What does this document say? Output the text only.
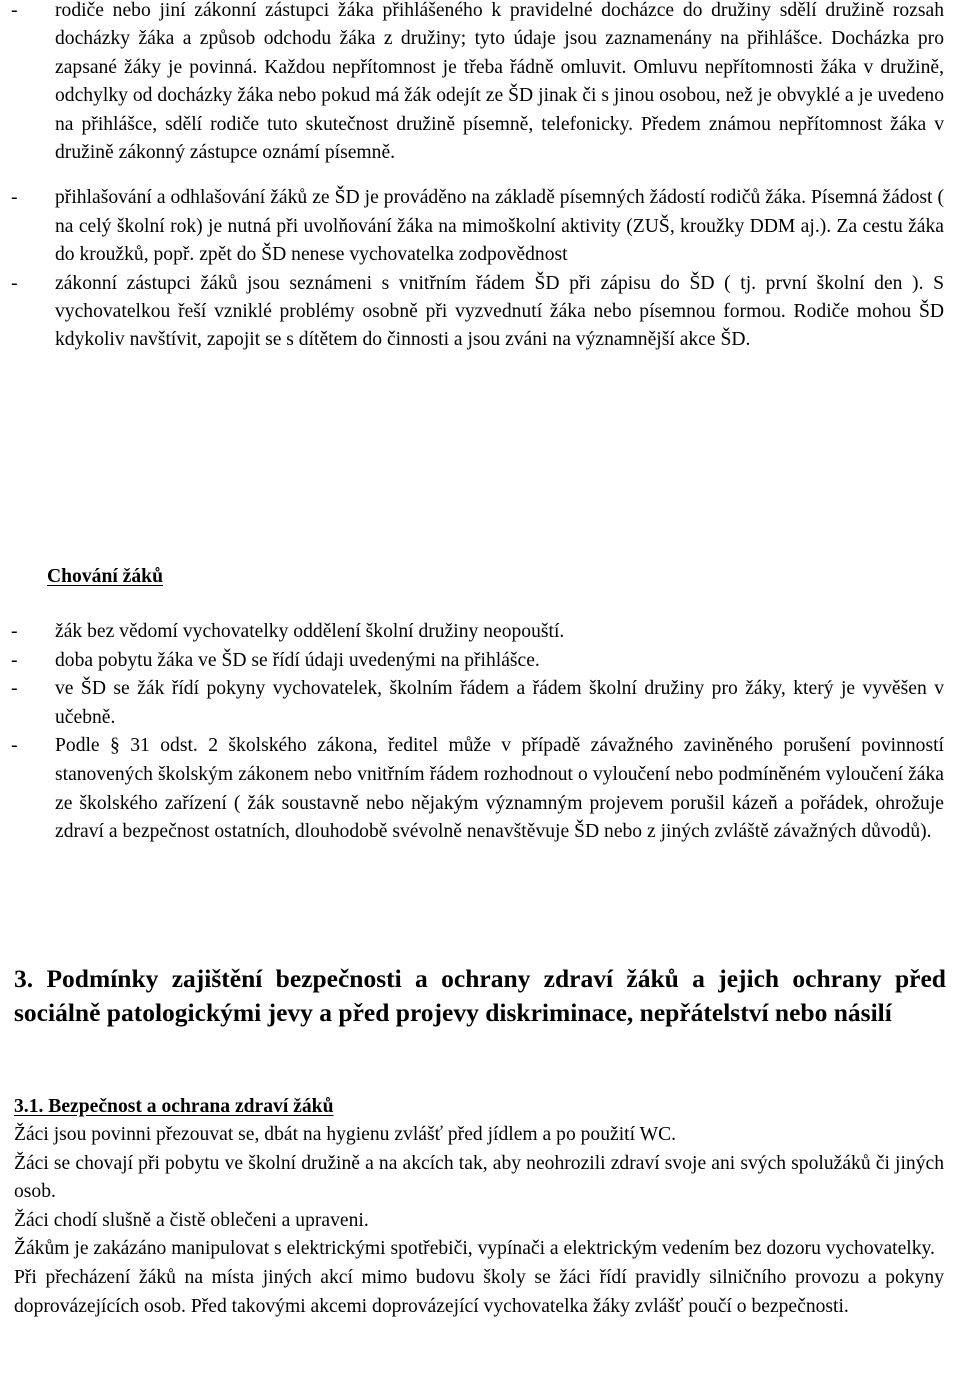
- rodiče nebo jiní zákonní zástupci žáka přihlášeného k pravidelné docházce do družiny sdělí družině rozsah docházky žáka a způsob odchodu žáka z družiny; tyto údaje jsou zaznamenány na přihlášce. Docházka pro zapsané žáky je povinná. Každou nepřítomnost je třeba řádně omluvit. Omluvu nepřítomnosti žáka v družině, odchylky od docházky žáka nebo pokud má žák odejít ze ŠD jinak či s jinou osobou, než je obvyklé a je uvedeno na přihlášce, sdělí rodiče tuto skutečnost družině písemně, telefonicky. Předem známou nepřítomnost žáka v družině zákonný zástupce oznámí písemně.
- přihlašování a odhlašování žáků ze ŠD je prováděno na základě písemných žádostí rodičů žáka. Písemná žádost ( na celý školní rok) je nutná při uvolňování žáka na mimoškolní aktivity (ZUŠ, kroužky DDM aj.). Za cestu žáka do kroužků, popř. zpět do ŠD nenese vychovatelka zodpovědnost
- zákonní zástupci žáků jsou seznámeni s vnitřním řádem ŠD při zápisu do ŠD ( tj. první školní den ). S vychovatelkou řeší vzniklé problémy osobně při vyzvednutí žáka nebo písemnou formou. Rodiče mohou ŠD kdykoliv navštívit, zapojit se s dítětem do činnosti a jsou zváni na významnější akce ŠD.
Chování žáků
- žák bez vědomí vychovatelky oddělení školní družiny neopouští.
- doba pobytu žáka ve ŠD se řídí údaji uvedenými na přihlášce.
- ve ŠD se žák řídí pokyny vychovatelek, školním řádem a řádem školní družiny pro žáky, který je vyvěšen v učebně.
- Podle § 31 odst. 2 školského zákona, ředitel může v případě závažného zaviněného porušení povinností stanovených školským zákonem nebo vnitřním řádem rozhodnout o vyloučení nebo podmíněném vyloučení žáka ze školského zařízení ( žák soustavně nebo nějakým významným projevem porušil kázeň a pořádek, ohrožuje zdraví a bezpečnost ostatních, dlouhodobě svévolně nenavštěvuje ŠD nebo z jiných zvláště závažných důvodů).
3. Podmínky zajištění bezpečnosti a ochrany zdraví žáků a jejich ochrany před sociálně patologickými jevy a před projevy diskriminace, nepřátelství nebo násilí
3.1. Bezpečnost a ochrana zdraví žáků

Žáci jsou povinni přezouvat se, dbát na hygienu zvlášť před jídlem a po použití WC.

Žáci se chovají při pobytu ve školní družině a na akcích tak, aby neohrozili zdraví svoje ani svých spolužáků či jiných osob.

Žáci chodí slušně a čistě oblečeni a upraveni.

Žákům je zakázáno manipulovat s elektrickými spotřebiči, vypínači a elektrickým vedením bez dozoru vychovatelky.

Při přecházení žáků na místa jiných akcí mimo budovu školy se žáci řídí pravidly silničního provozu a pokyny doprovázejících osob. Před takovými akcemi doprovázející vychovatelka žáky zvlášť poučí o bezpečnosti.
